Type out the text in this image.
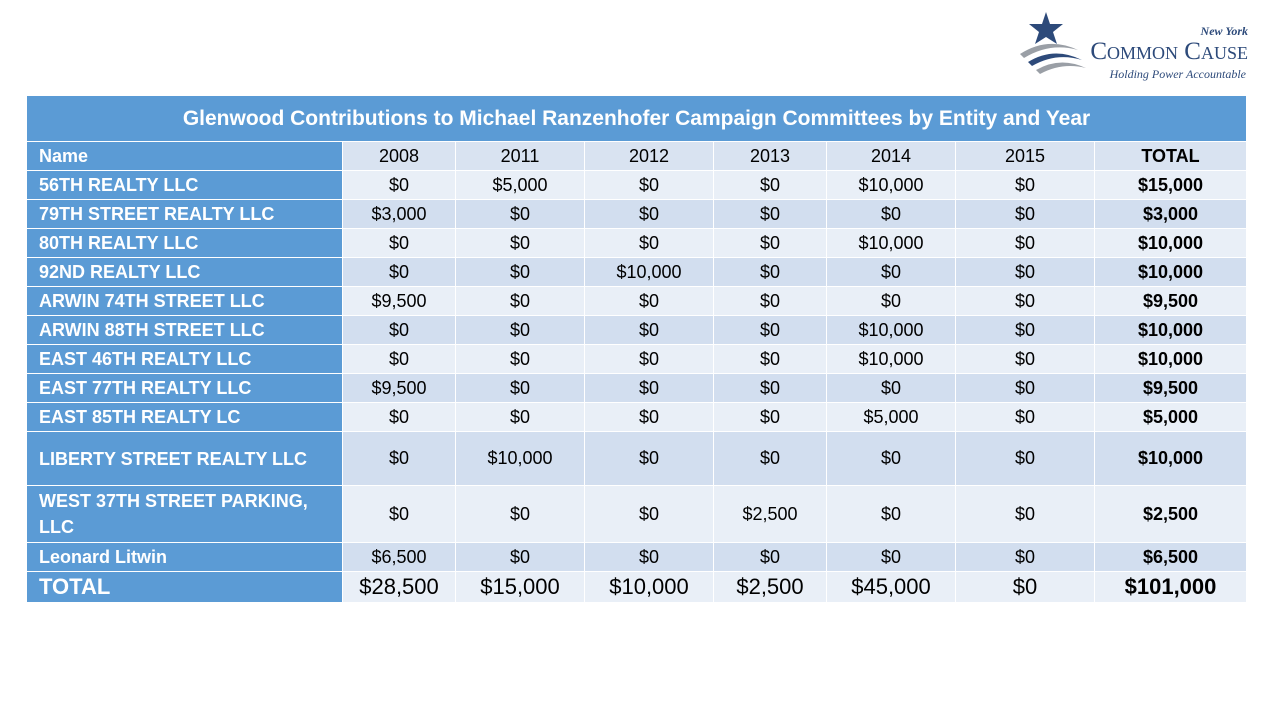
New York
Common Cause
Holding Power Accountable
Glenwood Contributions to Michael Ranzenhofer Campaign Committees by Entity and Year							
Name	2008	2011	2012	2013	2014	2015	TOTAL
56TH REALTY LLC	$0	$5,000	$0	$0	$10,000	$0	$15,000
79TH STREET REALTY LLC	$3,000	$0	$0	$0	$0	$0	$3,000
80TH REALTY LLC	$0	$0	$0	$0	$10,000	$0	$10,000
92ND REALTY LLC	$0	$0	$10,000	$0	$0	$0	$10,000
ARWIN 74TH STREET LLC	$9,500	$0	$0	$0	$0	$0	$9,500
ARWIN 88TH STREET LLC	$0	$0	$0	$0	$10,000	$0	$10,000
EAST 46TH REALTY LLC	$0	$0	$0	$0	$10,000	$0	$10,000
EAST 77TH REALTY LLC	$9,500	$0	$0	$0	$0	$0	$9,500
EAST 85TH REALTY LC	$0	$0	$0	$0	$5,000	$0	$5,000
LIBERTY STREET REALTY LLC	$0	$10,000	$0	$0	$0	$0	$10,000
WEST 37TH STREET PARKING, LLC	$0	$0	$0	$2,500	$0	$0	$2,500
Leonard Litwin	$6,500	$0	$0	$0	$0	$0	$6,500
TOTAL	$28,500	$15,000	$10,000	$2,500	$45,000	$0	$101,000
